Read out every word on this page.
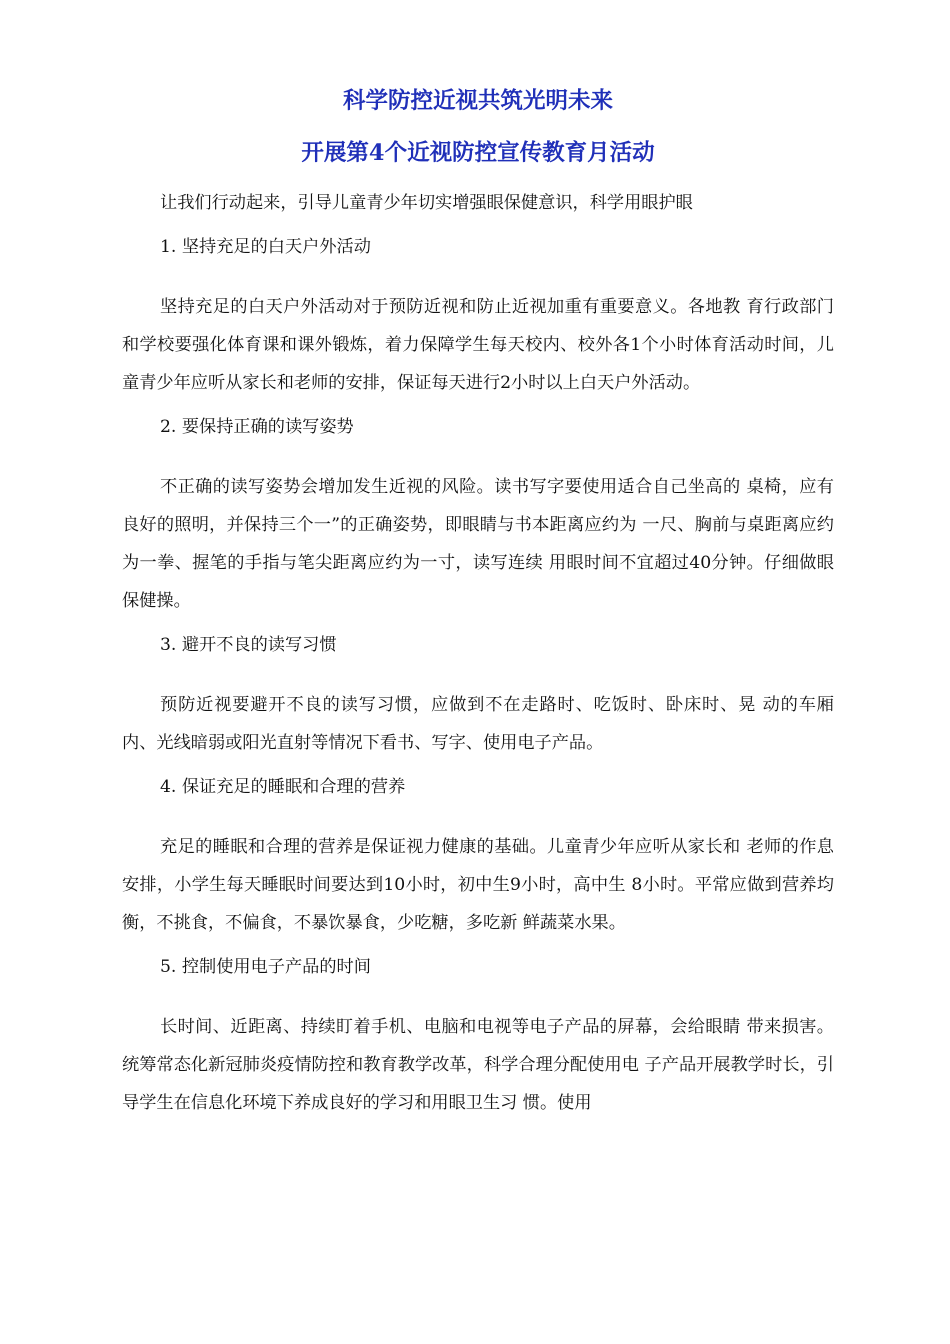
科学防控近视共筑光明未来
开展第4个近视防控宣传教育月活动

让我们行动起来，引导儿童青少年切实增强眼保健意识，科学用眼护眼

1. 坚持充足的白天户外活动

坚持充足的白天户外活动对于预防近视和防止近视加重有重要意义。各地教 育行政部门和学校要强化体育课和课外锻炼，着力保障学生每天校内、校外各1个小时体育活动时间，儿童青少年应听从家长和老师的安排，保证每天进行2小时以上白天户外活动。

2. 要保持正确的读写姿势

不正确的读写姿势会增加发生近视的风险。读书写字要使用适合自己坐高的 桌椅，应有良好的照明，并保持三个一”的正确姿势，即眼睛与书本距离应约为 一尺、胸前与桌距离应约为一拳、握笔的手指与笔尖距离应约为一寸，读写连续 用眼时间不宜超过40分钟。仔细做眼保健操。

3. 避开不良的读写习惯

预防近视要避开不良的读写习惯，应做到不在走路时、吃饭时、卧床时、晃 动的车厢内、光线暗弱或阳光直射等情况下看书、写字、使用电子产品。

4. 保证充足的睡眠和合理的营养

充足的睡眠和合理的营养是保证视力健康的基础。儿童青少年应听从家长和 老师的作息安排，小学生每天睡眠时间要达到10小时，初中生9小时，高中生 8小时。平常应做到营养均衡，不挑食，不偏食，不暴饮暴食，少吃糖，多吃新 鲜蔬菜水果。

5. 控制使用电子产品的时间

长时间、近距离、持续盯着手机、电脑和电视等电子产品的屏幕，会给眼睛 带来损害。统筹常态化新冠肺炎疫情防控和教育教学改革，科学合理分配使用电 子产品开展教学时长，引导学生在信息化环境下养成良好的学习和用眼卫生习 惯。使用
